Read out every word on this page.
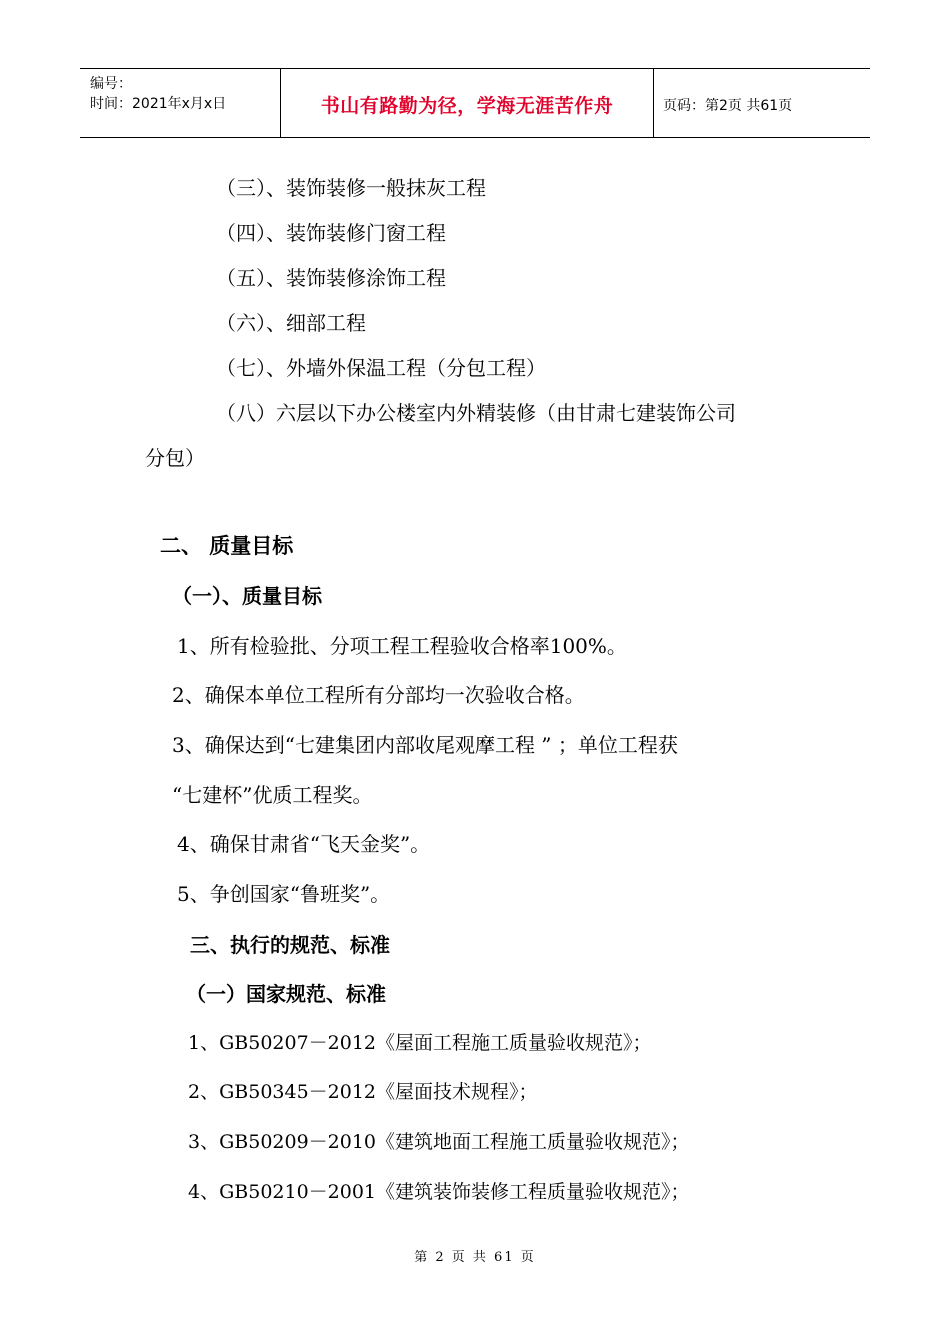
编号：
时间：2021年x月x日	书山有路勤为径，学海无涯苦作舟	页码：第2页 共61页
（三）、装饰装修一般抹灰工程
（四）、装饰装修门窗工程
（五）、装饰装修涂饰工程
（六）、细部工程
（七）、外墙外保温工程（分包工程）
（八）六层以下办公楼室内外精装修（由甘肃七建装饰公司
分包）
二、 质量目标
（一）、质量目标
1、所有检验批、分项工程工程验收合格率100%。
2、确保本单位工程所有分部均一次验收合格。
3、确保达到“七建集团内部收尾观摩工程 ” ；单位工程获
“七建杯”优质工程奖。
4、确保甘肃省“飞天金奖”。
5、争创国家“鲁班奖”。
三、执行的规范、标准
（一）国家规范、标准
1、GB50207－2012《屋面工程施工质量验收规范》；
2、GB50345－2012《屋面技术规程》；
3、GB50209－2010《建筑地面工程施工质量验收规范》；
4、GB50210－2001《建筑装饰装修工程质量验收规范》；
第 2 页 共 61 页
